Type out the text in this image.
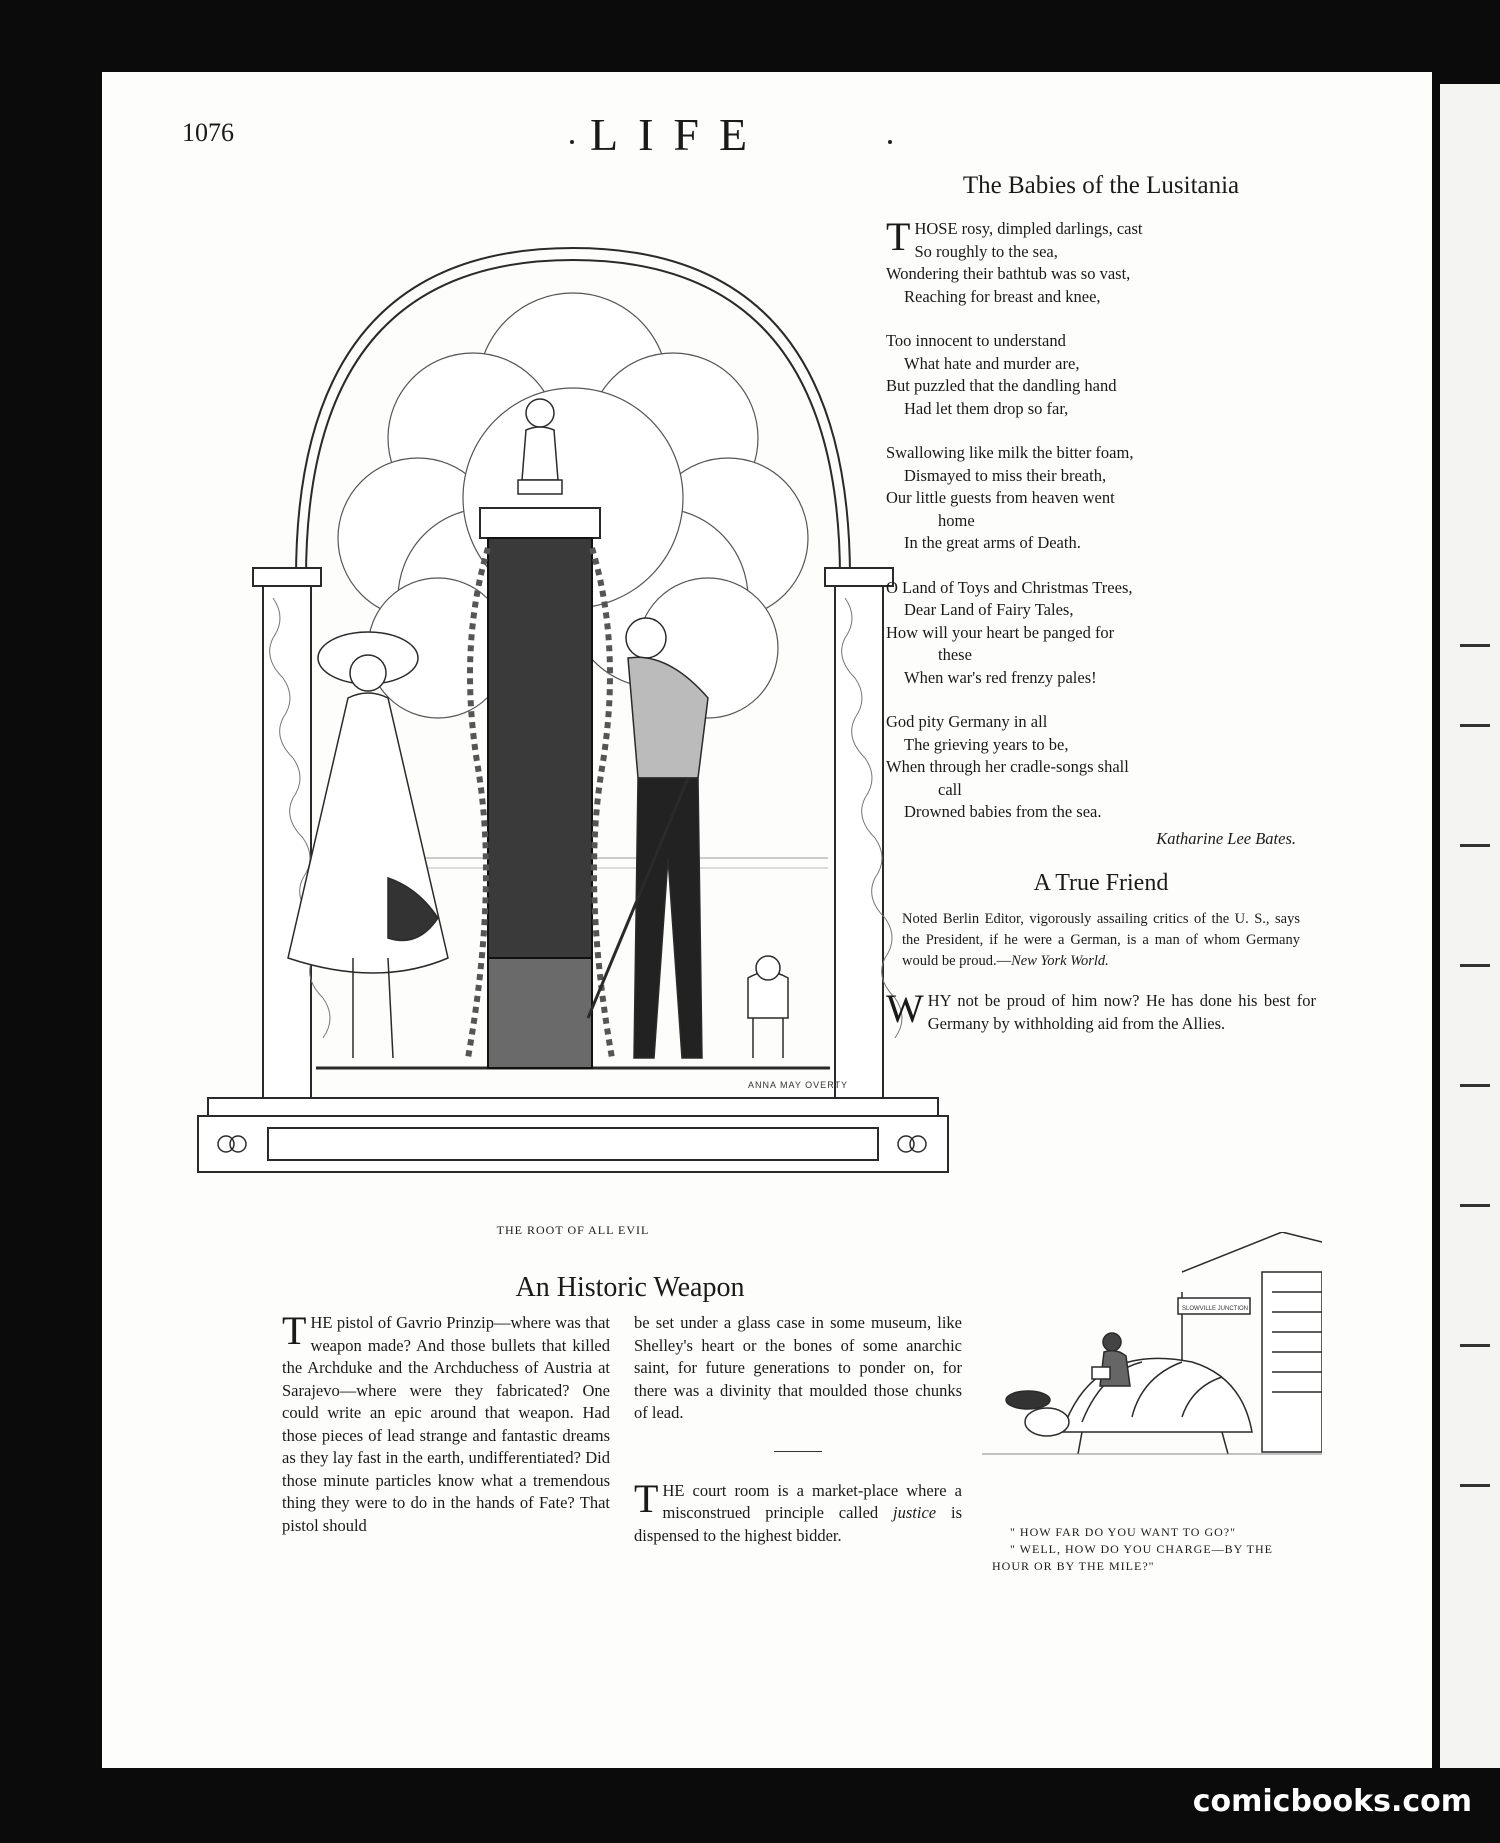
1076	LIFE
ANNA MAY OVERTY
THE ROOT OF ALL EVIL
The Babies of the Lusitania
T HOSE rosy, dimpled darlings, cast
So roughly to the sea,
Wondering their bathtub was so vast,
Reaching for breast and knee,
Too innocent to understand
What hate and murder are,
But puzzled that the dandling hand
Had let them drop so far,
Swallowing like milk the bitter foam,
Dismayed to miss their breath,
Our little guests from heaven went
home
In the great arms of Death.
O Land of Toys and Christmas Trees,
Dear Land of Fairy Tales,
How will your heart be panged for
these
When war's red frenzy pales!
God pity Germany in all
The grieving years to be,
When through her cradle-songs shall
call
Drowned babies from the sea.
Katharine Lee Bates.
A True Friend
Noted Berlin Editor, vigorously assailing critics of the U. S., says the President, if he were a German, is a man of whom Germany would be proud.—New York World.
W HY not be proud of him now? He has done his best for Germany by withholding aid from the Allies.
An Historic Weapon

THE pistol of Gavrio Prinzip—where was that weapon made? And those bullets that killed the Archduke and the Archduchess of Austria at Sarajevo—where were they fabricated? One could write an epic around that weapon. Had those pieces of lead strange and fantastic dreams as they lay fast in the earth, undifferentiated? Did those minute particles know what a tremendous thing they were to do in the hands of Fate? That pistol should

be set under a glass case in some museum, like Shelley's heart or the bones of some anarchic saint, for future generations to ponder on, for there was a divinity that moulded those chunks of lead.

THE court room is a market-place where a misconstrued principle called justice is dispensed to the highest bidder.

SLOWVILLE JUNCTION
" HOW FAR DO YOU WANT TO GO?"
" WELL, HOW DO YOU CHARGE—BY THE
HOUR OR BY THE MILE?"
comicbooks.com
